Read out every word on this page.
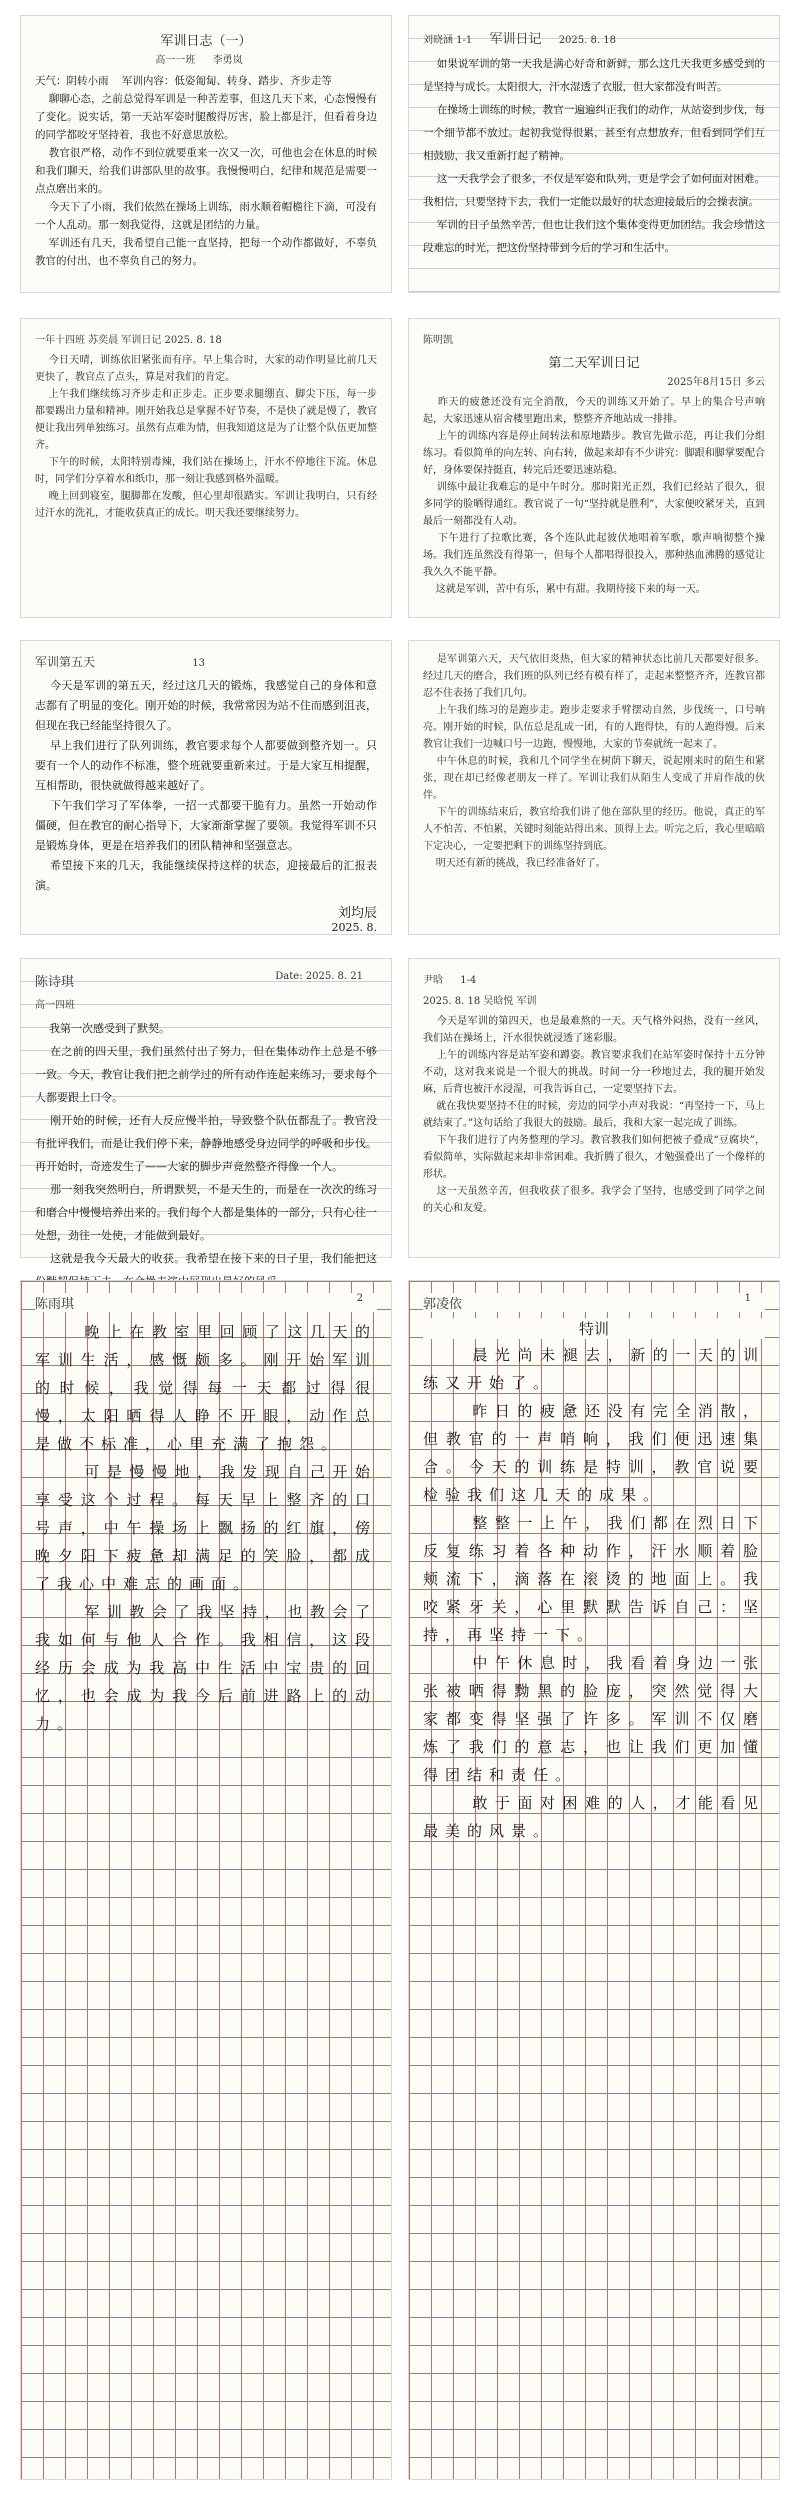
军训日志（一）
高一一班 李勇岚
天气：阴转小雨    军训内容：低姿匍匐、转身、踏步、齐步走等
聊聊心态，之前总觉得军训是一种苦差事，但这几天下来，心态慢慢有了变化。说实话，第一天站军姿时腿酸得厉害，脸上都是汗，但看着身边的同学都咬牙坚持着，我也不好意思放松。
教官很严格，动作不到位就要重来一次又一次，可他也会在休息的时候和我们聊天，给我们讲部队里的故事。我慢慢明白，纪律和规范是需要一点点磨出来的。
今天下了小雨，我们依然在操场上训练，雨水顺着帽檐往下滴，可没有一个人乱动。那一刻我觉得，这就是团结的力量。
军训还有几天，我希望自己能一直坚持，把每一个动作都做好，不辜负教官的付出，也不辜负自己的努力。
刘晓涵 1-1 军训日记 2025. 8. 18
如果说军训的第一天我是满心好奇和新鲜，那么这几天我更多感受到的是坚持与成长。太阳很大，汗水湿透了衣服，但大家都没有叫苦。
在操场上训练的时候，教官一遍遍纠正我们的动作，从站姿到步伐，每一个细节都不放过。起初我觉得很累，甚至有点想放弃，但看到同学们互相鼓励，我又重新打起了精神。
这一天我学会了很多，不仅是军姿和队列，更是学会了如何面对困难。我相信，只要坚持下去，我们一定能以最好的状态迎接最后的会操表演。
军训的日子虽然辛苦，但也让我们这个集体变得更加团结。我会珍惜这段难忘的时光，把这份坚持带到今后的学习和生活中。
一年十四班 苏奕晨 军训日记 2025. 8. 18
今日天晴，训练依旧紧张而有序。早上集合时，大家的动作明显比前几天更快了，教官点了点头，算是对我们的肯定。
上午我们继续练习齐步走和正步走。正步要求腿绷直、脚尖下压，每一步都要踢出力量和精神。刚开始我总是掌握不好节奏，不是快了就是慢了，教官便让我出列单独练习。虽然有点难为情，但我知道这是为了让整个队伍更加整齐。
下午的时候，太阳特别毒辣，我们站在操场上，汗水不停地往下流。休息时，同学们分享着水和纸巾，那一刻让我感到格外温暖。
晚上回到寝室，腿脚都在发酸，但心里却很踏实。军训让我明白，只有经过汗水的洗礼，才能收获真正的成长。明天我还要继续努力。
陈明凯
第二天军训日记
2025年8月15日 多云
昨天的疲惫还没有完全消散，今天的训练又开始了。早上的集合号声响起，大家迅速从宿舍楼里跑出来，整整齐齐地站成一排排。
上午的训练内容是停止间转法和原地踏步。教官先做示范，再让我们分组练习。看似简单的向左转、向右转，做起来却有不少讲究：脚跟和脚掌要配合好，身体要保持挺直，转完后还要迅速站稳。
训练中最让我难忘的是中午时分。那时阳光正烈，我们已经站了很久，很多同学的脸晒得通红。教官说了一句“坚持就是胜利”，大家便咬紧牙关，直到最后一刻都没有人动。
下午进行了拉歌比赛，各个连队此起彼伏地唱着军歌，歌声响彻整个操场。我们连虽然没有得第一，但每个人都唱得很投入，那种热血沸腾的感觉让我久久不能平静。
这就是军训，苦中有乐，累中有甜。我期待接下来的每一天。
军训第五天	13
今天是军训的第五天，经过这几天的锻炼，我感觉自己的身体和意志都有了明显的变化。刚开始的时候，我常常因为站不住而感到沮丧，但现在我已经能坚持很久了。
早上我们进行了队列训练，教官要求每个人都要做到整齐划一。只要有一个人的动作不标准，整个班就要重新来过。于是大家互相提醒，互相帮助，很快就做得越来越好了。
下午我们学习了军体拳，一招一式都要干脆有力。虽然一开始动作僵硬，但在教官的耐心指导下，大家渐渐掌握了要领。我觉得军训不只是锻炼身体，更是在培养我们的团队精神和坚强意志。
希望接下来的几天，我能继续保持这样的状态，迎接最后的汇报表演。
刘均辰
2025. 8.
是军训第六天，天气依旧炎热，但大家的精神状态比前几天都要好很多。经过几天的磨合，我们班的队列已经有模有样了，走起来整整齐齐，连教官都忍不住表扬了我们几句。
上午我们练习的是跑步走。跑步走要求手臂摆动自然，步伐统一，口号响亮。刚开始的时候，队伍总是乱成一团，有的人跑得快，有的人跑得慢。后来教官让我们一边喊口号一边跑，慢慢地，大家的节奏就统一起来了。
中午休息的时候，我和几个同学坐在树荫下聊天，说起刚来时的陌生和紧张，现在却已经像老朋友一样了。军训让我们从陌生人变成了并肩作战的伙伴。
下午的训练结束后，教官给我们讲了他在部队里的经历。他说，真正的军人不怕苦、不怕累，关键时刻能站得出来、顶得上去。听完之后，我心里暗暗下定决心，一定要把剩下的训练坚持到底。
明天还有新的挑战，我已经准备好了。
陈诗琪	Date: 2025. 8. 21
高一四班
我第一次感受到了默契。
在之前的四天里，我们虽然付出了努力，但在集体动作上总是不够一致。今天，教官让我们把之前学过的所有动作连起来练习，要求每个人都要跟上口令。
刚开始的时候，还有人反应慢半拍，导致整个队伍都乱了。教官没有批评我们，而是让我们停下来，静静地感受身边同学的呼吸和步伐。再开始时，奇迹发生了——大家的脚步声竟然整齐得像一个人。
那一刻我突然明白，所谓默契，不是天生的，而是在一次次的练习和磨合中慢慢培养出来的。我们每个人都是集体的一部分，只有心往一处想，劲往一处使，才能做到最好。
这就是我今天最大的收获。我希望在接下来的日子里，我们能把这
尹晗 1-4
2025. 8. 18 吴晗悦 军训
今天是军训的第四天，也是最难熬的一天。天气格外闷热，没有一丝风，我们站在操场上，汗水很快就浸透了迷彩服。
上午的训练内容是站军姿和蹲姿。教官要求我们在站军姿时保持十五分钟不动，这对我来说是一个很大的挑战。时间一分一秒地过去，我的腿开始发麻，后背也被汗水浸湿，可我告诉自己，一定要坚持下去。
就在我快要坚持不住的时候，旁边的同学小声对我说：“再坚持一下，马上就结束了。”这句话给了我很大的鼓励。最后，我和大家一起完成了训练。
下午我们进行了内务整理的学习。教官教我们如何把被子叠成“豆腐块”，看似简单，实际做起来却非常困难。我折腾了很久，才勉强叠出了一个像样的形状。
这一天虽然辛苦，但我收获了很多。我学会了坚持，也感受到了同学之间的关心和友爱。
陈雨琪	2
晚上在教室里回顾了这几天的军训生活，感慨颇多。刚开始军训的时候，我觉得每一天都过得很慢，太阳晒得人睁不开眼，动作总是做不标准，心里充满了抱怨。
可是慢慢地，我发现自己开始享受这个过程。每天早上整齐的口号声，中午操场上飘扬的红旗，傍晚夕阳下疲惫却满足的笑脸，都成了我心中难忘的画面。
军训教会了我坚持，也教会了我如何与他人合作。我相信，这段经历会成为我高中生活中宝贵的回忆，也会成为我今后前进路上的动力。
郭凌依	1
特训
晨光尚未褪去，新的一天的训练又开始了。
昨日的疲惫还没有完全消散，但教官的一声哨响，我们便迅速集合。今天的训练是特训，教官说要检验我们这几天的成果。
整整一上午，我们都在烈日下反复练习着各种动作，汗水顺着脸颊流下，滴落在滚烫的地面上。我咬紧牙关，心里默默告诉自己：坚持，再坚持一下。
中午休息时，我看着身边一张张被晒得黝黑的脸庞，突然觉得大家都变得坚强了许多。军训不仅磨炼了我们的意志，也让我们更加懂得团结和责任。
敢于面对困难的人，才能看见最美的风景。
